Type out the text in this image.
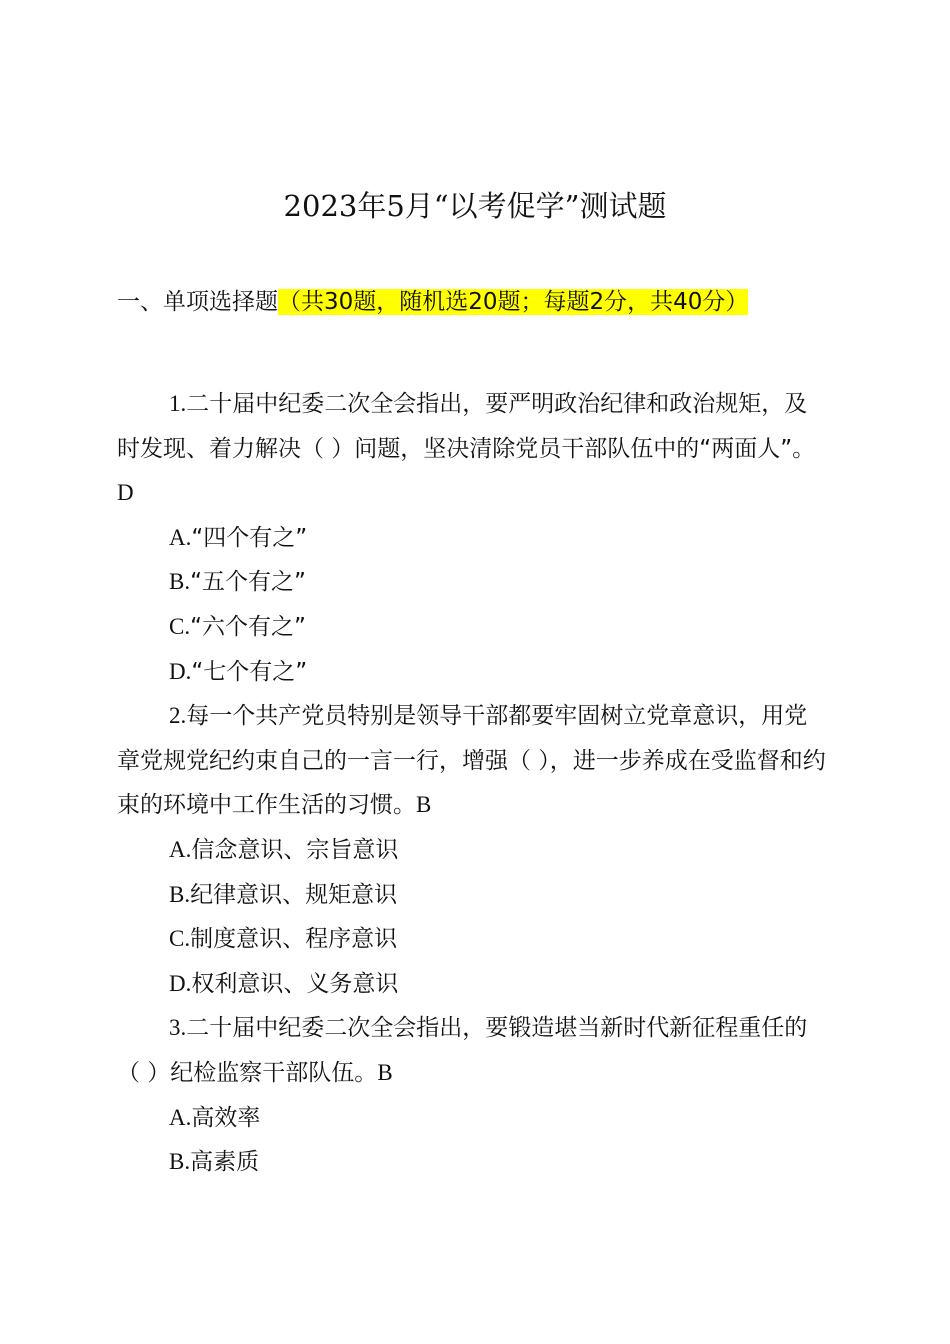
2023年5月“以考促学”测试题
一、单项选择题（共30题，随机选20题；每题2分，共40分）

1.二十届中纪委二次全会指出，要严明政治纪律和政治规矩，及时发现、着力解决（ ）问题，坚决清除党员干部队伍中的“两面人”。D

A.“四个有之”

B.“五个有之”

C.“六个有之”

D.“七个有之”

2.每一个共产党员特别是领导干部都要牢固树立党章意识，用党章党规党纪约束自己的一言一行，增强（ ），进一步养成在受监督和约束的环境中工作生活的习惯。B

A.信念意识、宗旨意识

B.纪律意识、规矩意识

C.制度意识、程序意识

D.权利意识、义务意识

3.二十届中纪委二次全会指出，要锻造堪当新时代新征程重任的（ ）纪检监察干部队伍。B

A.高效率

B.高素质
